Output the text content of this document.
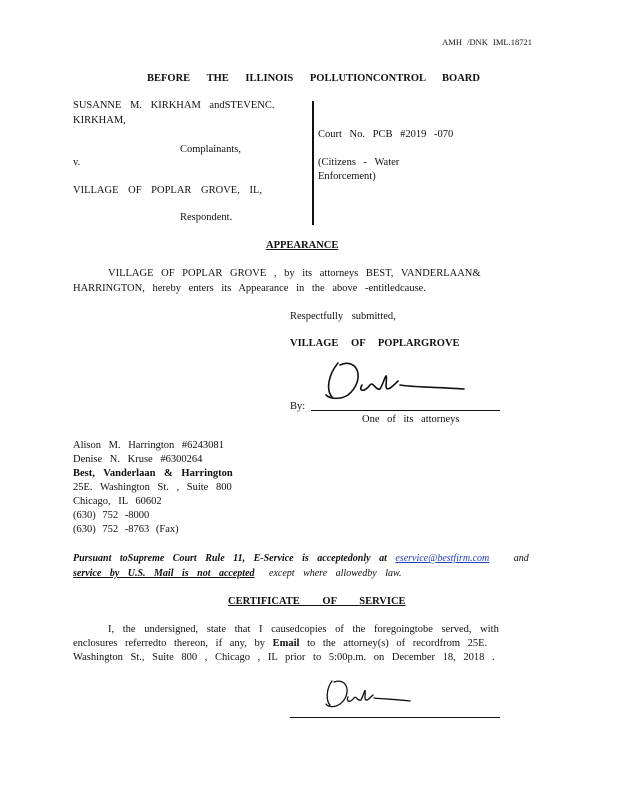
AMH /DNK IML.18721
BEFORE THE ILLINOIS POLLUTIONCONTROL BOARD
SUSANNE M. KIRKHAM andSTEVENC.
KIRKHAM,
Complainants,
v.
VILLAGE OF POPLAR GROVE, IL,
Respondent.
Court No. PCB #2019 -070
(Citizens - Water
Enforcement)
APPEARANCE
VILLAGE OF POPLAR GROVE , by its attorneys BEST, VANDERLAAN&
HARRINGTON, hereby enters its Appearance in the above -entitledcause.
Respectfully submitted,
VILLAGE OF POPLARGROVE
By:
One of its attorneys
Alison M. Harrington #6243081
Denise N. Kruse #6300264
Best, Vanderlaan & Harrington
25E. Washington St. , Suite 800
Chicago, IL 60602
(630) 752 -8000
(630) 752 -8763 (Fax)
Pursuant toSupreme Court Rule 11, E-Service is acceptedonly at eservice@bestfirm.com and
service by U.S. Mail is not accepted except where allowedby law.
CERTIFICATE OF SERVICE
I, the undersigned, state that I causedcopies of the foregoingtobe served, with
enclosures referredto thereon, if any, by Email to the attorney(s) of recordfrom 25E.
Washington St., Suite 800 , Chicago , IL prior to 5:00p.m. on December 18, 2018 .
